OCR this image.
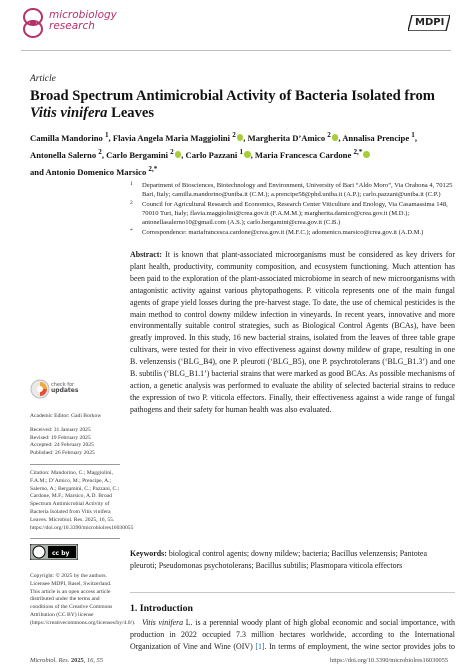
microbiology
research	MDPI
Article
Broad Spectrum Antimicrobial Activity of Bacteria Isolated from
Vitis vinifera Leaves
Camilla Mandorino $^1$, Flavia Angela Maria Maggiolini $^2$ , Margherita D’Amico $^2$ , Annalisa Prencipe $^1$,
Antonella Salerno $^2$, Carlo Bergamini $^2$ , Carlo Pazzani $^1$ , Maria Francesca Cardone $^{2,*}$
and Antonio Domenico Marsico $^{2,*}$
1 Department of Biosciences, Biotechnology and Environment, University of Bari “Aldo Moro”, Via Orabona 4, 70125 Bari, Italy; camilla.mandorino@uniba.it (C.M.); a.prencipe58@phd.uniba.it (A.P.); carlo.pazzani@uniba.it (C.P.)
2 Council for Agricultural Research and Economics, Research Center Viticulture and Enology, Via Casamassima 148, 70010 Turi, Italy; flavia.maggiolini@crea.gov.it (F.A.M.M.); margherita.damico@crea.gov.it (M.D.); antonellasalerno10@gmail.com (A.S.); carlo.bergamini@crea.gov.it (C.B.)
* Correspondence: mariafrancesca.cardone@crea.gov.it (M.F.C.); adomenico.marsico@crea.gov.it (A.D.M.)
Abstract: It is known that plant-associated microorganisms must be considered as key drivers for plant health, productivity, community composition, and ecosystem functioning. Much attention has been paid to the exploration of the plant-associated microbiome in search of new microorganisms with antagonistic activity against various phytopathogens. P. viticola represents one of the main fungal agents of grape yield losses during the pre-harvest stage. To date, the use of chemical pesticides is the main method to control downy mildew infection in vineyards. In recent years, innovative and more environmentally suitable control strategies, such as Biological Control Agents (BCAs), have been greatly improved. In this study, 16 new bacterial strains, isolated from the leaves of three table grape cultivars, were tested for their in vivo effectiveness against downy mildew of grape, resulting in one B. velenzensis (‘BLG_B4), one P. pleuroti (‘BLG_B5), one P. psychrotolerans (‘BLG_B1.3’) and one B. subtilis (‘BLG_B1.1’) bacterial strains that were marked as good BCAs. As possible mechanisms of action, a genetic analysis was performed to evaluate the ability of selected bacterial strains to reduce the expression of two P. viticola effectors. Finally, their effectiveness against a wide range of fungal pathogens and their safety for human health was also evaluated.
Keywords: biological control agents; downy mildew; bacteria; Bacillus velenzensis; Pantotea pleuroti; Pseudomonas psychotolerans; Bacillus subtilis; Plasmopara viticola effectors
check for
updates
Academic Editor: Gadi Borkow
Received: 31 January 2025
Revised: 19 February 2025
Accepted: 24 February 2025
Published: 26 February 2025
Citation: Mandorino, C.; Maggiolini, F.A.M.; D’Amico, M.; Prencipe, A.; Salerno, A.; Bergamini, C.; Pazzani, C.; Cardone, M.F.; Marsico, A.D. Broad Spectrum Antimicrobial Activity of Bacteria Isolated from Vitis vinifera Leaves. Microbiol. Res. 2025, 16, 55. https://doi.org/10.3390/microbiolres16030055
cc by
Copyright: © 2025 by the authors. Licensee MDPI, Basel, Switzerland. This article is an open access article distributed under the terms and conditions of the Creative Commons Attribution (CC BY) license (https://creativecommons.org/licenses/by/4.0/).
1. Introduction
Vitis vinifera L. is a perennial woody plant of high global economic and social importance, with production in 2022 occupied 7.3 million hectares worldwide, according to the International Organization of Vine and Wine (OIV) [1]. In terms of employment, the wine sector provides jobs to
Microbiol. Res. 2025, 16, 55	https://doi.org/10.3390/microbiolres16030055
